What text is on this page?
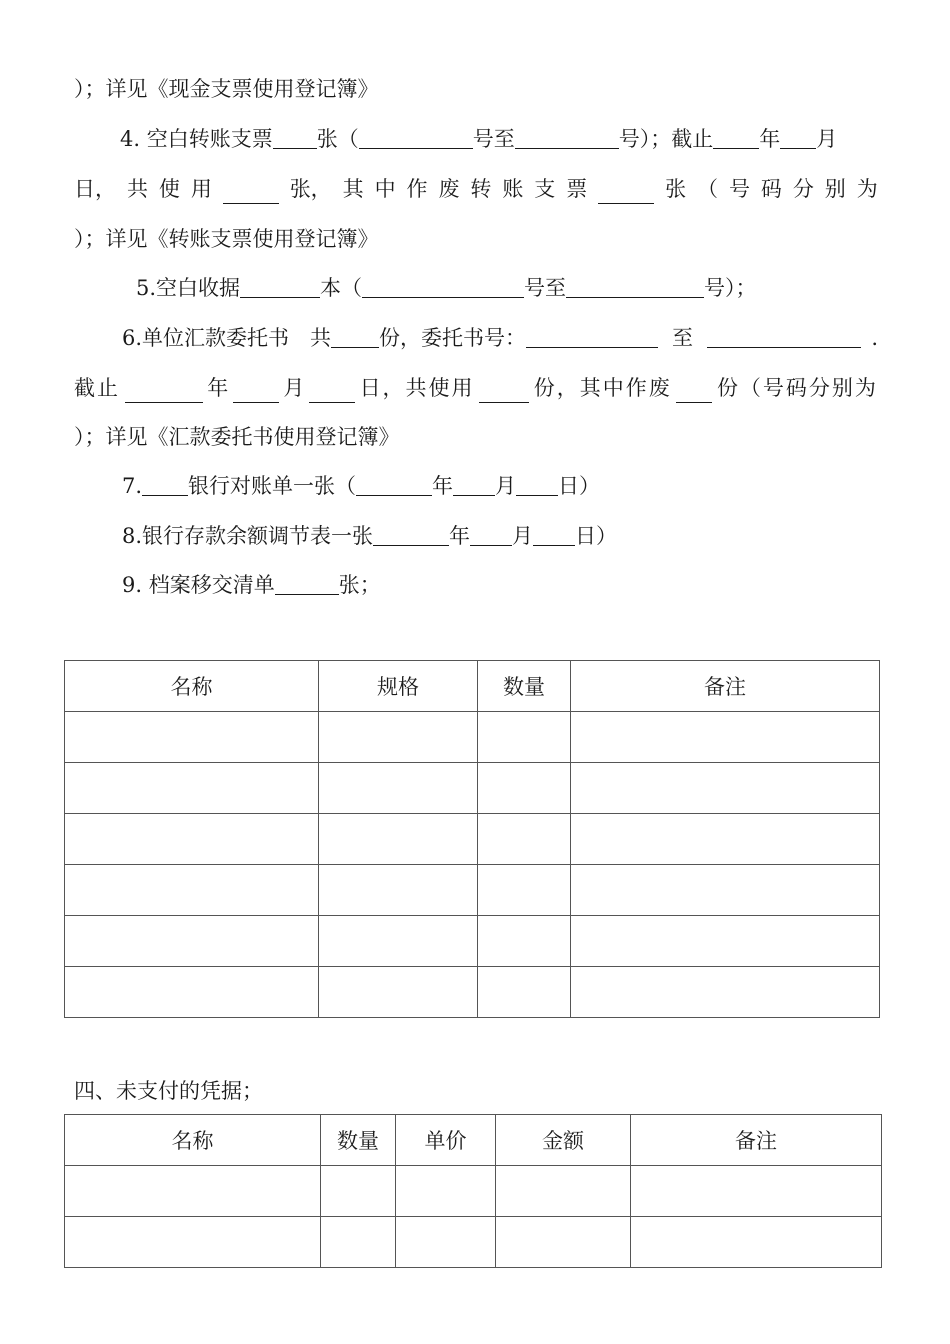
）；详见《现金支票使用登记簿》
4. 空白转账支票 张（	号至	号）；截止 年 月
日， 共 使 用	张， 其 中 作 废 转 账 支 票	张 （ 号 码 分 别 为
）；详见《转账支票使用登记簿》
5.空白收据	本（	号至	号）；
6.单位汇款委托书　共 份，委托书号：	至	.
截止	年	月	日，共使用	份，其中作废 份（号码分别为
）；详见《汇款委托书使用登记簿》
7. 银行对账单一张（	年 月 日）
8.银行存款余额调节表一张	年 月 日）
9. 档案移交清单	张；
名称	规格	数量	备注

四、未支付的凭据；
名称	数量	单价	金额	备注
